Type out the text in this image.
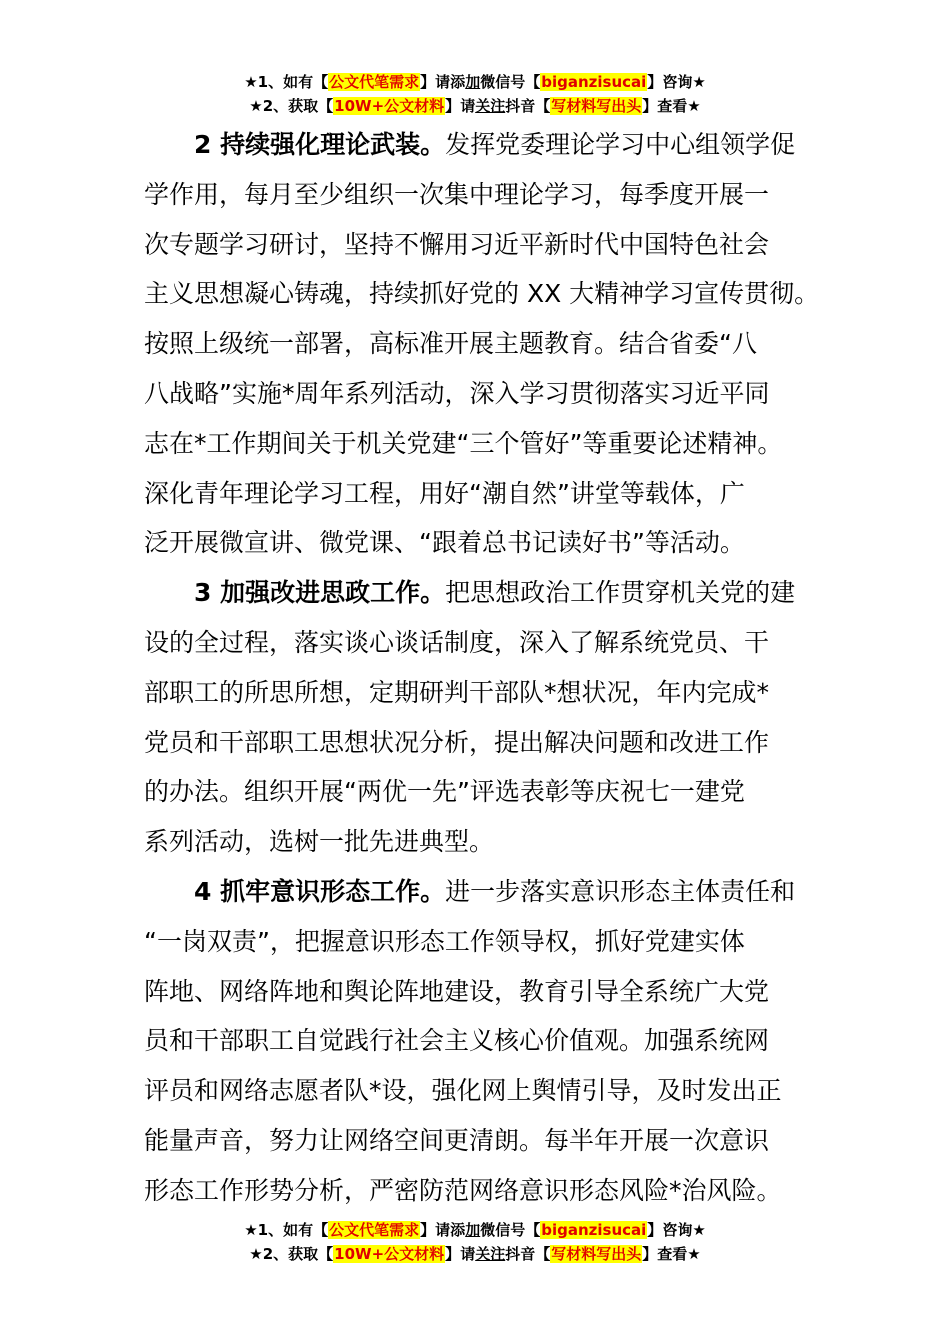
★1、如有【公文代笔需求】请添加微信号【biganzisucai】咨询★
★2、获取【10W+公文材料】请关注抖音【写材料写出头】查看★

2 持续强化理论武装。发挥党委理论学习中心组领学促
学作用，每月至少组织一次集中理论学习，每季度开展一
次专题学习研讨，坚持不懈用习近平新时代中国特色社会
主义思想凝心铸魂，持续抓好党的 XX 大精神学习宣传贯彻。
按照上级统一部署，高标准开展主题教育。结合省委“八
八战略”实施*周年系列活动，深入学习贯彻落实习近平同
志在*工作期间关于机关党建“三个管好”等重要论述精神。
深化青年理论学习工程，用好“潮自然”讲堂等载体，广
泛开展微宣讲、微党课、“跟着总书记读好书”等活动。

3 加强改进思政工作。把思想政治工作贯穿机关党的建
设的全过程，落实谈心谈话制度，深入了解系统党员、干
部职工的所思所想，定期研判干部队*想状况，年内完成*
党员和干部职工思想状况分析，提出解决问题和改进工作
的办法。组织开展“两优一先”评选表彰等庆祝七一建党
系列活动，选树一批先进典型。

4 抓牢意识形态工作。进一步落实意识形态主体责任和
“一岗双责”，把握意识形态工作领导权，抓好党建实体
阵地、网络阵地和舆论阵地建设，教育引导全系统广大党
员和干部职工自觉践行社会主义核心价值观。加强系统网
评员和网络志愿者队*设，强化网上舆情引导，及时发出正
能量声音，努力让网络空间更清朗。每半年开展一次意识
形态工作形势分析，严密防范网络意识形态风险*治风险。

★1、如有【公文代笔需求】请添加微信号【biganzisucai】咨询★
★2、获取【10W+公文材料】请关注抖音【写材料写出头】查看★
